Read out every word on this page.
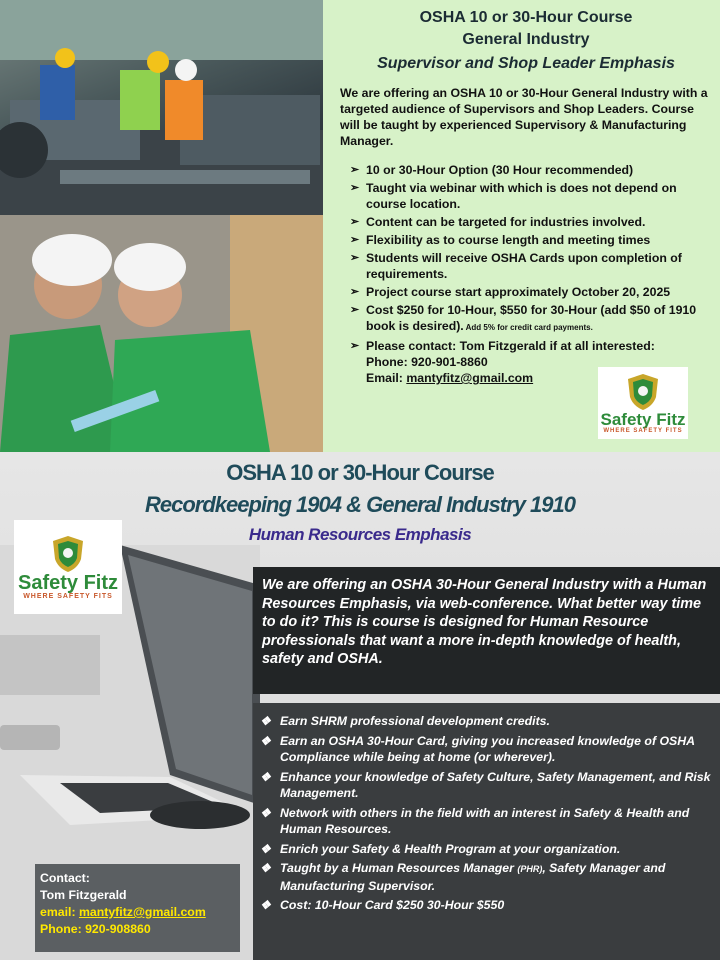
OSHA 10 or 30-Hour Course
General Industry
Supervisor and Shop Leader Emphasis
We are offering an OSHA 10 or 30-Hour General Industry with a targeted audience of Supervisors and Shop Leaders. Course will be taught by experienced Supervisory & Manufacturing Manager.
➢ 10 or 30-Hour Option (30 Hour recommended)
➢ Taught via webinar with which is does not depend on course location.
➢ Content can be targeted for industries involved.
➢ Flexibility as to course length and meeting times
➢ Students will receive OSHA Cards upon completion of requirements.
➢ Project course start approximately October 20, 2025
➢ Cost $250 for 10-Hour, $550 for 30-Hour (add $50 of 1910 book is desired). Add 5% for credit card payments.
➢ Please contact: Tom Fitzgerald if at all interested:
Phone: 920-901-8860
Email: mantyfitz@gmail.com
Safety Fitz
WHERE SAFETY FITS
OSHA 10 or 30-Hour Course
Recordkeeping 1904 & General Industry 1910
Human Resources Emphasis
Safety Fitz
WHERE SAFETY FITS
We are offering an OSHA 30-Hour General Industry with a Human Resources Emphasis, via web-conference. What better way time to do it? This is course is designed for Human Resource professionals that want a more in-depth knowledge of health, safety and OSHA.
❖ Earn SHRM professional development credits.
❖ Earn an OSHA 30-Hour Card, giving you increased knowledge of OSHA Compliance while being at home (or wherever).
❖ Enhance your knowledge of Safety Culture, Safety Management, and Risk Management.
❖ Network with others in the field with an interest in Safety & Health and Human Resources.
❖ Enrich your Safety & Health Program at your organization.
❖ Taught by a Human Resources Manager (PHR), Safety Manager and Manufacturing Supervisor.
❖ Cost: 10-Hour Card $250 30-Hour $550
Contact:
Tom Fitzgerald
email: mantyfitz@gmail.com
Phone: 920-908860
